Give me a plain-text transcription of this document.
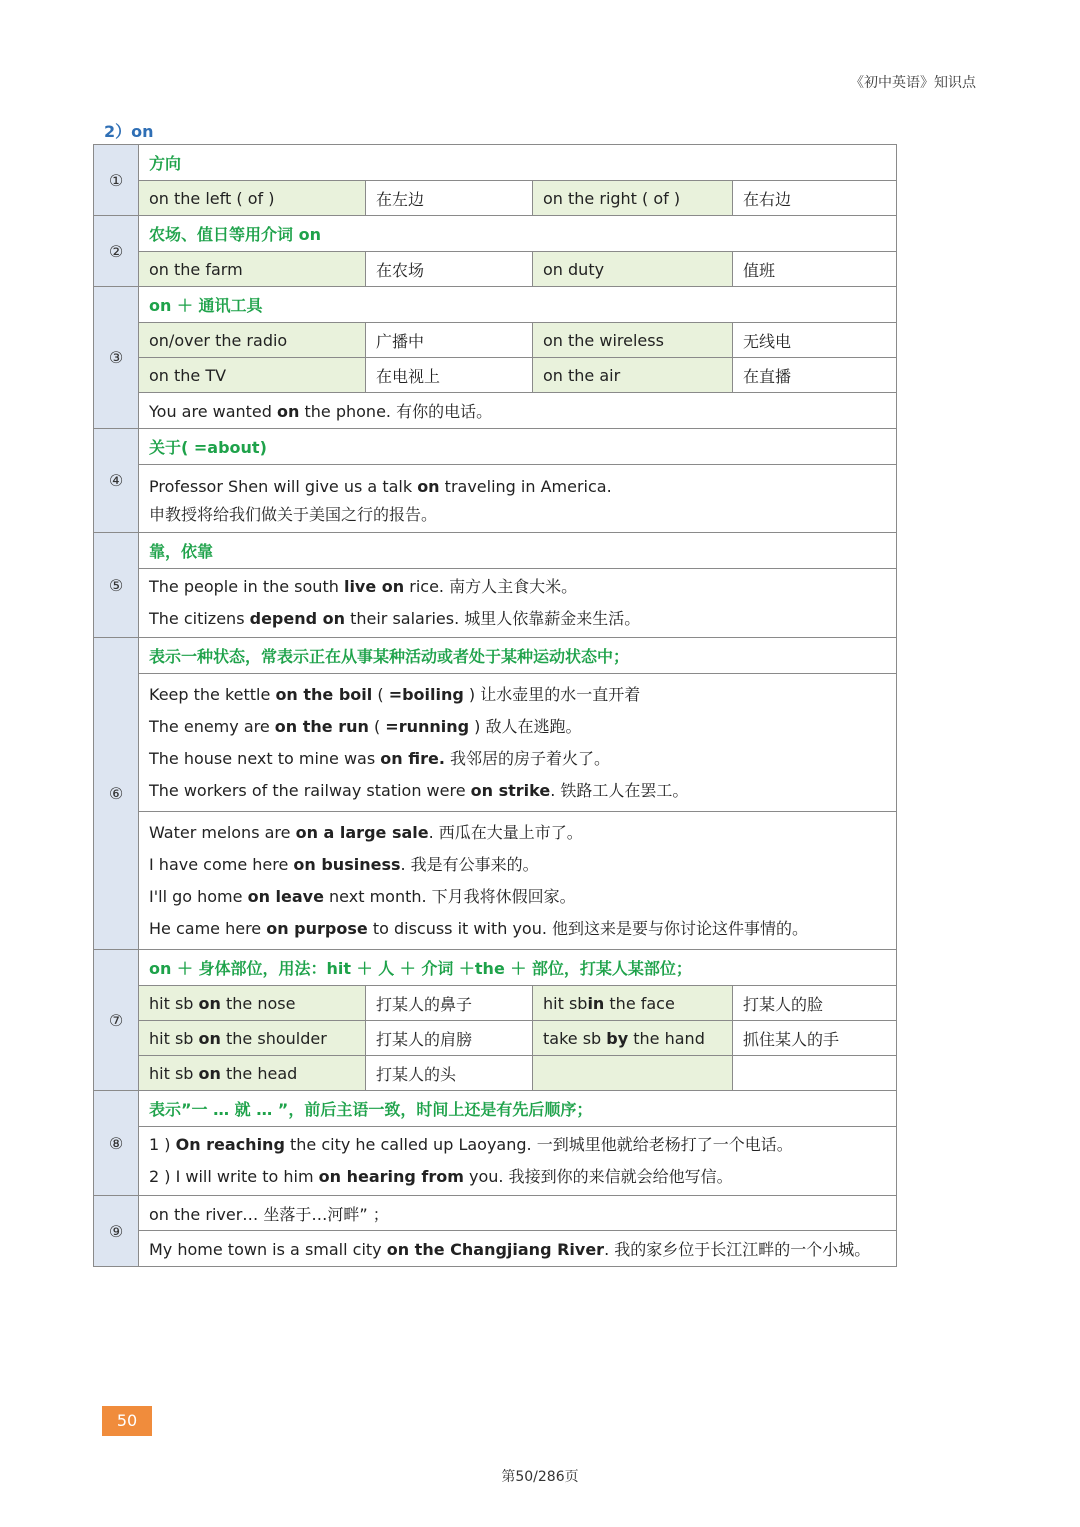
《初中英语》知识点
2）on
①	方向			
	on the left ( of )	在左边	on the right ( of )	在右边
②	农场、值日等用介词 on			
	on the farm	在农场	on duty	值班
③	on ＋ 通讯工具			
	on/over the radio	广播中	on the wireless	无线电
	on the TV	在电视上	on the air	在直播
	You are wanted on the phone. 有你的电话。			
④	关于( =about)			

	Professor Shen will give us a talk on traveling in America.
申教授将给我们做关于美国之行的报告。			

⑤	靠，依靠			

	The people in the south live on rice. 南方人主食大米。
The citizens depend on their salaries. 城里人依靠薪金来生活。			

⑥	表示一种状态，常表示正在从事某种活动或者处于某种运动状态中；			

	Keep the kettle on the boil ( =boiling ) 让水壶里的水一直开着
The enemy are on the run ( =running ) 敌人在逃跑。
The house next to mine was on fire. 我邻居的房子着火了。
The workers of the railway station were on strike. 铁路工人在罢工。			

	Water melons are on a large sale. 西瓜在大量上市了。
I have come here on business. 我是有公事来的。
I'll go home on leave next month. 下月我将休假回家。
He came here on purpose to discuss it with you. 他到这来是要与你讨论这件事情的。			

⑦	on ＋ 身体部位，用法：hit ＋ 人 ＋ 介词 ＋the ＋ 部位，打某人某部位；			
	hit sb on the nose	打某人的鼻子	hit sbin the face	打某人的脸
	hit sb on the shoulder	打某人的肩膀	take sb by the hand	抓住某人的手
	hit sb on the head	打某人的头		
⑧	表示”一 … 就 … ”，前后主语一致，时间上还是有先后顺序；			

	1 ) On reaching the city he called up Laoyang. 一到城里他就给老杨打了一个电话。
2 ) I will write to him on hearing from you. 我接到你的来信就会给他写信。			

⑨	on the river… 坐落于…河畔” ；			
	My home town is a small city on the Changjiang River. 我的家乡位于长江江畔的一个小城。			
50
第50/286页
